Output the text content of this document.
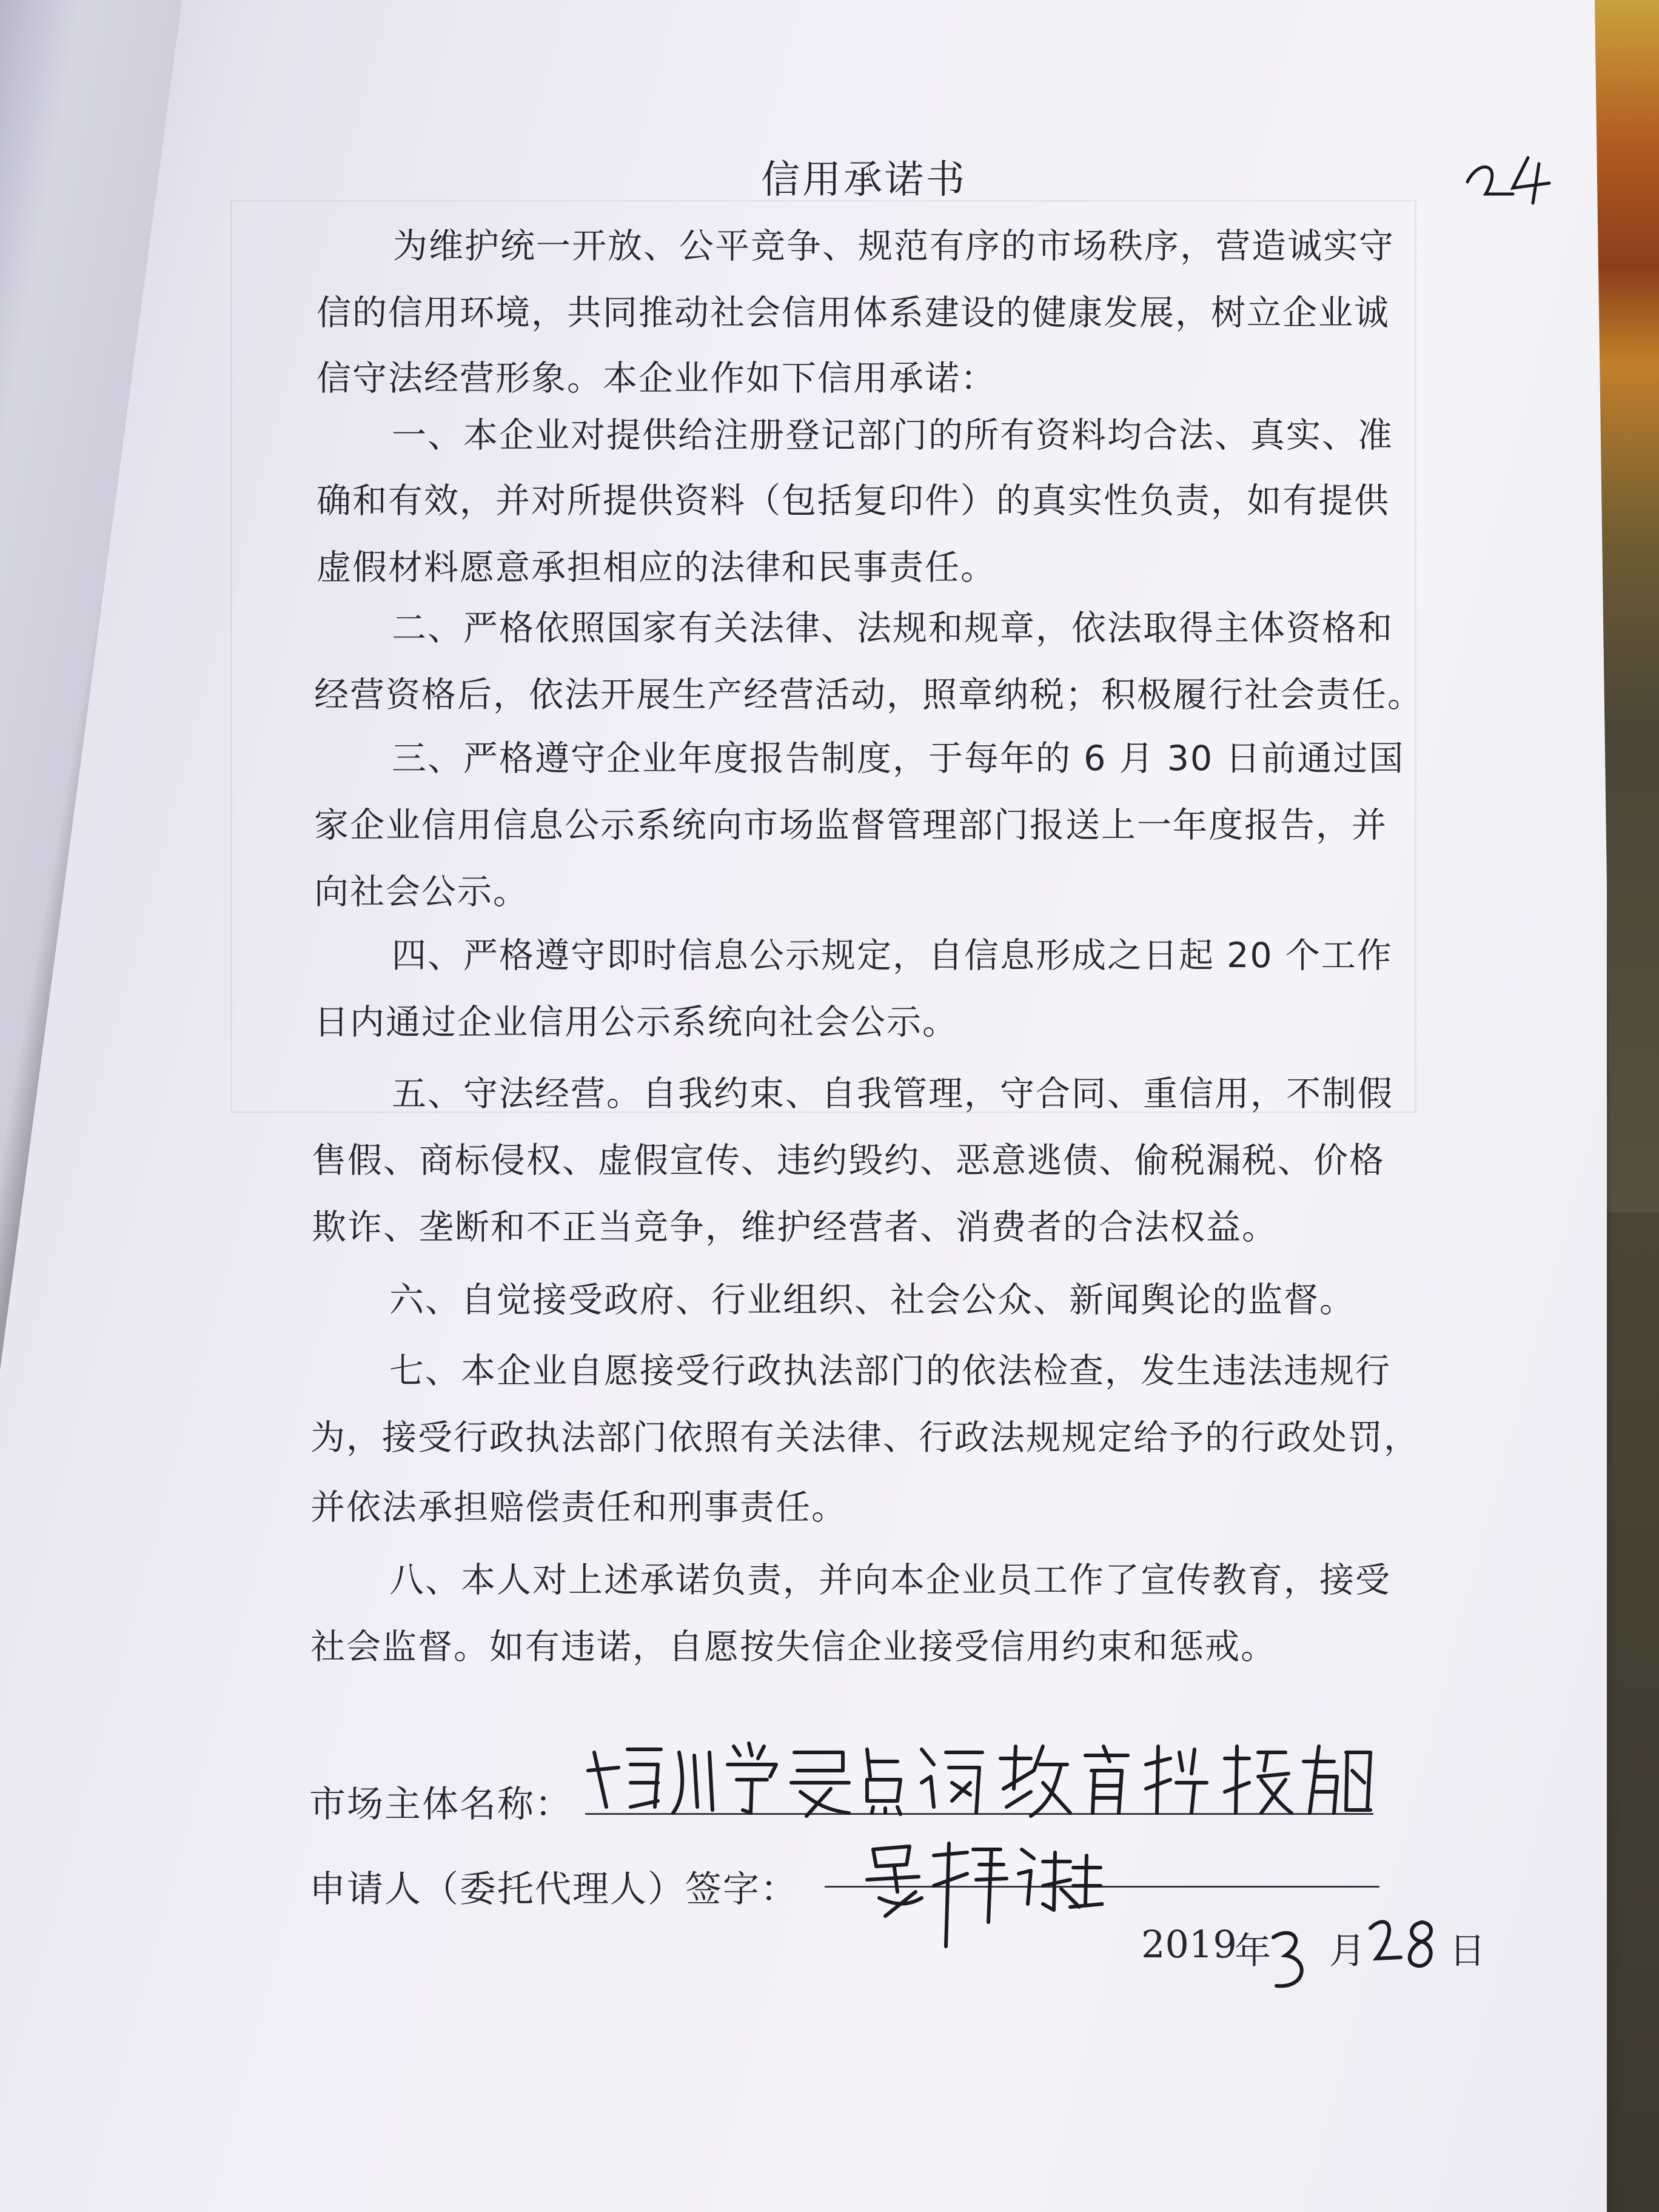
信用承诺书
为维护统一开放、公平竞争、规范有序的市场秩序，营造诚实守
信的信用环境，共同推动社会信用体系建设的健康发展，树立企业诚
信守法经营形象。本企业作如下信用承诺：
一、本企业对提供给注册登记部门的所有资料均合法、真实、准
确和有效，并对所提供资料（包括复印件）的真实性负责，如有提供
虚假材料愿意承担相应的法律和民事责任。
二、严格依照国家有关法律、法规和规章，依法取得主体资格和
经营资格后，依法开展生产经营活动，照章纳税；积极履行社会责任。
三、严格遵守企业年度报告制度，于每年的 6 月 30 日前通过国
家企业信用信息公示系统向市场监督管理部门报送上一年度报告，并
向社会公示。
四、严格遵守即时信息公示规定，自信息形成之日起 20 个工作
日内通过企业信用公示系统向社会公示。
五、守法经营。自我约束、自我管理，守合同、重信用，不制假
售假、商标侵权、虚假宣传、违约毁约、恶意逃债、偷税漏税、价格
欺诈、垄断和不正当竞争，维护经营者、消费者的合法权益。
六、自觉接受政府、行业组织、社会公众、新闻舆论的监督。
七、本企业自愿接受行政执法部门的依法检查，发生违法违规行
为，接受行政执法部门依照有关法律、行政法规规定给予的行政处罚，
并依法承担赔偿责任和刑事责任。
八、本人对上述承诺负责，并向本企业员工作了宣传教育，接受
社会监督。如有违诺，自愿按失信企业接受信用约束和惩戒。
市场主体名称：
申请人（委托代理人）签字：
2019
年 月 日
